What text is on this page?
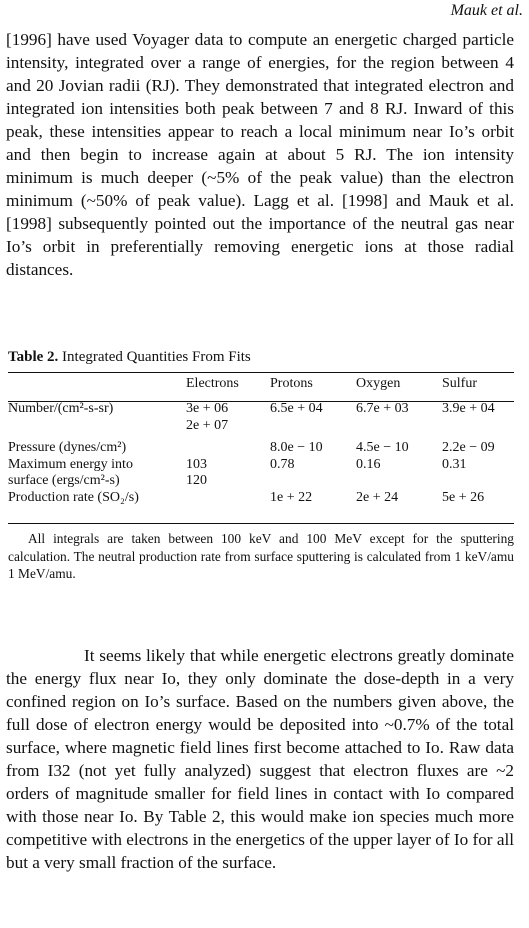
Mauk et al.

[1996] have used Voyager data to compute an energetic charged particle intensity, integrated over a range of energies, for the region between 4 and 20 Jovian radii (RJ). They demonstrated that integrated electron and integrated ion intensities both peak between 7 and 8 RJ. Inward of this peak, these intensities appear to reach a local minimum near Io’s orbit and then begin to increase again at about 5 RJ. The ion intensity minimum is much deeper (~5% of the peak value) than the electron minimum (~50% of peak value). Lagg et al. [1998] and Mauk et al. [1998] subsequently pointed out the importance of the neutral gas near Io’s orbit in preferentially removing energetic ions at those radial distances.

Table 2. Integrated Quantities From Fits
	Electrons	Protons	Oxygen	Sulfur
Number/(cm²-s-sr)	3e + 06	6.5e + 04	6.7e + 03	3.9e + 04
	2e + 07			

Pressure (dynes/cm²)		8.0e − 10	4.5e − 10	2.2e − 09
Maximum energy into	103	0.78	0.16	0.31
surface (ergs/cm²-s)	120			
Production rate (SO₂/s)		1e + 22	2e + 24	5e + 26

All integrals are taken between 100 keV and 100 MeV except for the sputtering calculation. The neutral production rate from surface sputtering is calculated from 1 keV/amu 1 MeV/amu.

It seems likely that while energetic electrons greatly dominate the energy flux near Io, they only dominate the dose-depth in a very confined region on Io’s surface. Based on the numbers given above, the full dose of electron energy would be deposited into ~0.7% of the total surface, where magnetic field lines first become attached to Io. Raw data from I32 (not yet fully analyzed) suggest that electron fluxes are ~2 orders of magnitude smaller for field lines in contact with Io compared with those near Io. By Table 2, this would make ion species much more competitive with electrons in the energetics of the upper layer of Io for all but a very small fraction of the surface.
